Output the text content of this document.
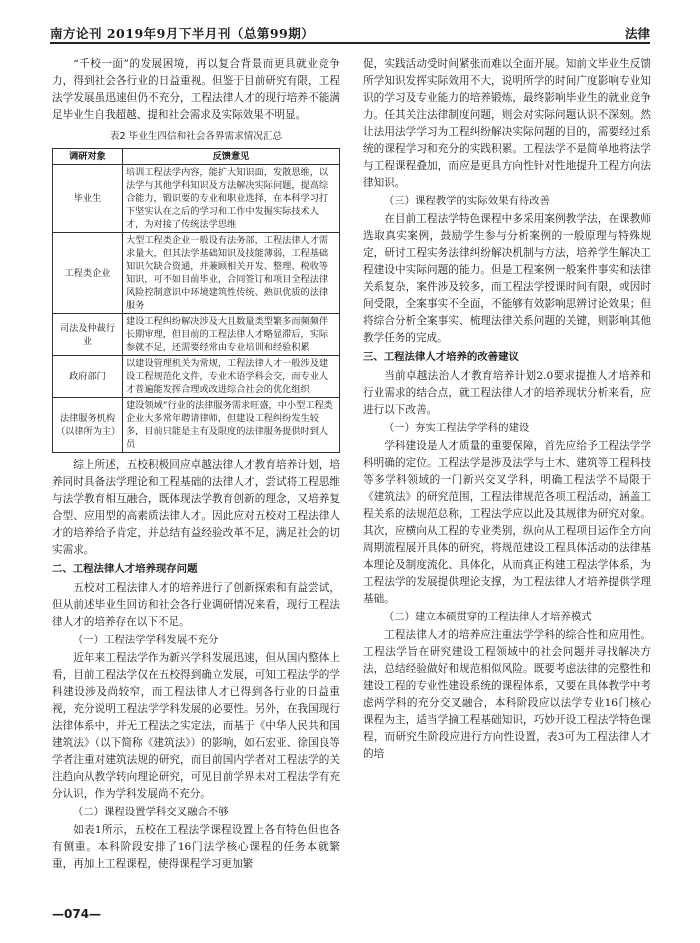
南方论刊 2019年9月下半月刊（总第99期）	法律

“千校一面”的发展困境，再以复合背景而更具就业竞争力，得到社会各行业的日益重视。但鉴于目前研究有限，工程法学发展虽迅速但仍不充分，工程法律人才的现行培养不能满足毕业生自我超越、提和社会需求及实际效果不明显。

表2 毕业生四信和社会各界需求情况汇总
调研对象	反馈意见
毕业生	培训工程法学内容，能扩大知识面，发散思维，以法学与其他学科知识及方法解决实际问题，提高综合能力，锻识要的专业和职业选择，在本科学习打下坚实认在之后的学习和工作中发掘实际技术人才，为对接了传统法学思维
工程类企业	大型工程类企业一般设有法务部，工程法律人才需求量大，但其法学基础知识及技能薄弱，工程基础知识欠缺合资通，并兼顾相关开发、整理、税收等知识，可不如目前毕业，合同签订和项目全程法律风险控制意识中环境建筑性传统、熟识优质的法律服务
司法及仲裁行业	建设工程纠纷解决涉及大且数量类型繁多而频频伴长期审理，但目前的工程法律人才略显滞后，实际参就不足，还需要经常由专业培训和经验积累
政府部门	以建设管理机关为常规，工程法律人才一般涉及建设工程规范化文件，专业术语学科会交，而专业人才普遍能发挥合理或改进综合社会的优化组织
法律服务机构（以律所为主）	建设领域“行业的法律服务需求旺盛，中小型工程类企业大多常年聘请律师，但建设工程纠纷发生较多，目前只能是主有及限度的法律服务提供时到人员

综上所述，五校积极回应卓越法律人才教育培养计划，培养同时具备法学理论和工程基础的法律人才，尝试将工程思维与法学教育相互融合，既体现法学教育创新的理念，又培养复合型、应用型的高素质法律人才。因此应对五校对工程法律人才的培养给予肯定，并总结有益经验改革不足，满足社会的切实需求。

二、工程法律人才培养现存问题

五校对工程法律人才的培养进行了创新探索和有益尝试，但从前述毕业生回访和社会各行业调研情况来看，现行工程法律人才的培养存在以下不足。

（一）工程法学学科发展不充分

近年来工程法学作为新兴学科发展迅速，但从国内整体上看，目前工程法学仅在五校得到确立发展，可知工程法学的学科建设涉及尚较窄，而工程法律人才已得到各行业的日益重视，充分说明工程法学学科发展的必要性。另外，在我国现行法律体系中，并无工程法之实定法，而基于《中华人民共和国建筑法》（以下简称《建筑法》）的影响，如石宏亚、徐国良等学者注重对建筑法规的研究，而目前国内学者对工程法学的关注趋向从教学转向理论研究，可见目前学界未对工程法学有充分认识，作为学科发展尚不充分。

（二）课程设置学科交叉融合不够

如表1所示，五校在工程法学课程设置上各有特色但也各有侧重。本科阶段安排了16门法学核心课程的任务本就繁重，再加上工程课程，使得课程学习更加繁

促，实践活动受时间紧张而难以全面开展。知前文毕业生反馈所学知识发挥实际效用不大，说明所学的时间广度影响专业知识的学习及专业能力的培养锻炼，最终影响毕业生的就业竞争力。任其关注法律制度问题，则会对实际问题认识不深刻。然让法用法学学习为工程纠纷解决实际问题的目的，需要经过系统的课程学习和充分的实践积累。工程法学不是简单地将法学与工程课程叠加，而应是更具方向性针对性地提升工程方向法律知识。

（三）课程教学的实际效果有待改善

在目前工程法学特色课程中多采用案例教学法，在课教师选取真实案例，鼓励学生参与分析案例的一般原理与特殊规定，研讨工程实务法律纠纷解决机制与方法，培养学生解决工程建设中实际问题的能力。但是工程案例一般案件事实和法律关系复杂，案件涉及较多，而工程法学授课时间有限，或因时间受限，全案事实不全面，不能够有效影响思辨讨论效果；但将综合分析全案事实、梳理法律关系问题的关键，则影响其他教学任务的完成。

三、工程法律人才培养的改善建议

当前卓越法治人才教育培养计划2.0要求提推人才培养和行业需求的结合点，就工程法律人才的培养现状分析来看，应进行以下改善。

（一）夯实工程法学学科的建设

学科建设是人才质量的重要保障，首先应给予工程法学学科明确的定位。工程法学是涉及法学与土木、建筑等工程科技等多学科领域的一门新兴交叉学科，明确工程法学不局限于《建筑法》的研究范围，工程法律规范各项工程活动，涵盖工程关系的法规范总称，工程法学应以此及其规律为研究对象。其次，应横向从工程的专业类别，纵向从工程项目运作全方向周期流程展开具体的研究，将规范建设工程具体活动的法律基本理论及制度流化、具体化，从而真正构建工程法学体系，为工程法学的发展提供理论支撑，为工程法律人才培养提供学理基础。

（二）建立本硕贯穿的工程法律人才培养模式

工程法律人才的培养应注重法学学科的综合性和应用性。工程法学旨在研究建设工程领域中的社会问题并寻找解决方法，总结经验做好和规范相似风险。既要考虑法律的完整性和建设工程的专业性建设系统的课程体系，又要在具体教学中考虑两学科的充分交叉融合，本科阶段应以法学专业16门核心课程为主，适当学摘工程基础知识，巧妙开设工程法学特色课程，而研究生阶段应进行方向性设置，表3可为工程法律人才的培

—074—
